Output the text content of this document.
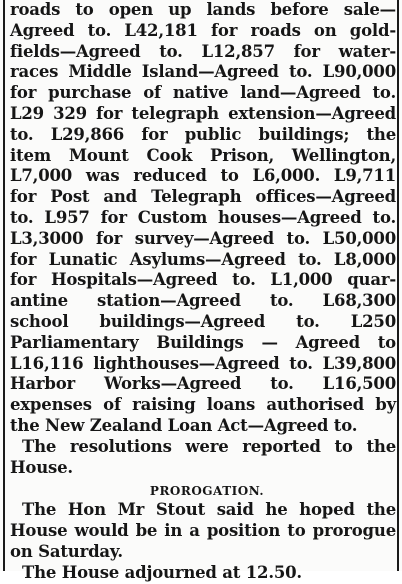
roads to open up lands before sale—
Agreed to. L42,181 for roads on gold-
fields—Agreed to. L12,857 for water-
races Middle Island—Agreed to. L90,000
for purchase of native land—Agreed to.
L29 329 for telegraph extension—Agreed
to. L29,866 for public buildings; the
item Mount Cook Prison, Wellington,
L7,000 was reduced to L6,000. L9,711
for Post and Telegraph offices—Agreed
to. L957 for Custom houses—Agreed to.
L3,3000 for survey—Agreed to. L50,000
for Lunatic Asylums—Agreed to. L8,000
for Hospitals—Agreed to. L1,000 quar-
antine station—Agreed to. L68,300
school buildings—Agreed to. L250
Parliamentary Buildings — Agreed to
L16,116 lighthouses—Agreed to. L39,800
Harbor Works—Agreed to. L16,500
expenses of raising loans authorised by
the New Zealand Loan Act—Agreed to.
The resolutions were reported to the
House.
PROROGATION.
The Hon Mr Stout said he hoped the
House would be in a position to prorogue
on Saturday.
The House adjourned at 12.50.
